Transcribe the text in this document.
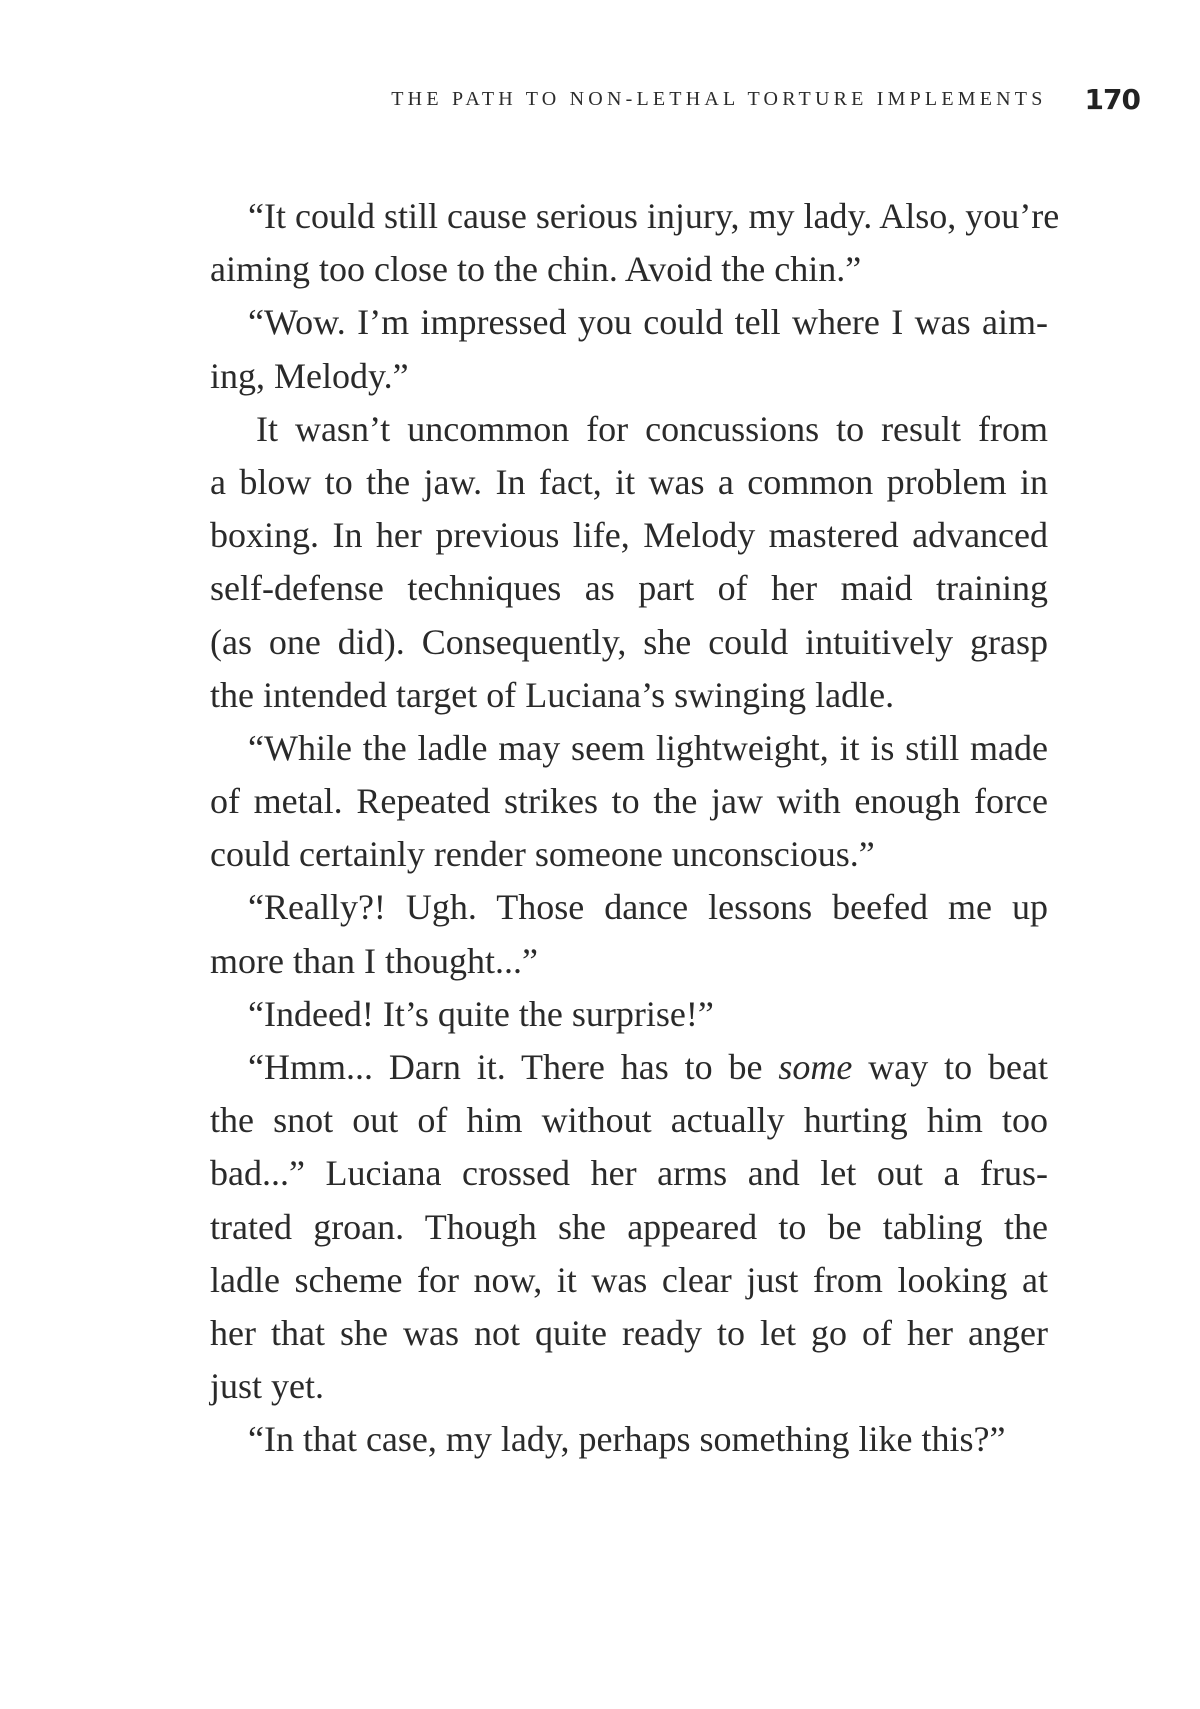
THE PATH TO NON-LETHAL TORTURE IMPLEMENTS 170
“It could still cause serious injury, my lady. Also, you’re
aiming too close to the chin. Avoid the chin.”
“Wow. I’m impressed you could tell where I was aim-
ing, Melody.”
It wasn’t uncommon for concussions to result from
a blow to the jaw. In fact, it was a common problem in
boxing. In her previous life, Melody mastered advanced
self-defense techniques as part of her maid training
(as one did). Consequently, she could intuitively grasp
the intended target of Luciana’s swinging ladle.
“While the ladle may seem lightweight, it is still made
of metal. Repeated strikes to the jaw with enough force
could certainly render someone unconscious.”
“Really?! Ugh. Those dance lessons beefed me up
more than I thought...”
“Indeed! It’s quite the surprise!”
“Hmm... Darn it. There has to be some way to beat
the snot out of him without actually hurting him too
bad...” Luciana crossed her arms and let out a frus-
trated groan. Though she appeared to be tabling the
ladle scheme for now, it was clear just from looking at
her that she was not quite ready to let go of her anger
just yet.
“In that case, my lady, perhaps something like this?”
